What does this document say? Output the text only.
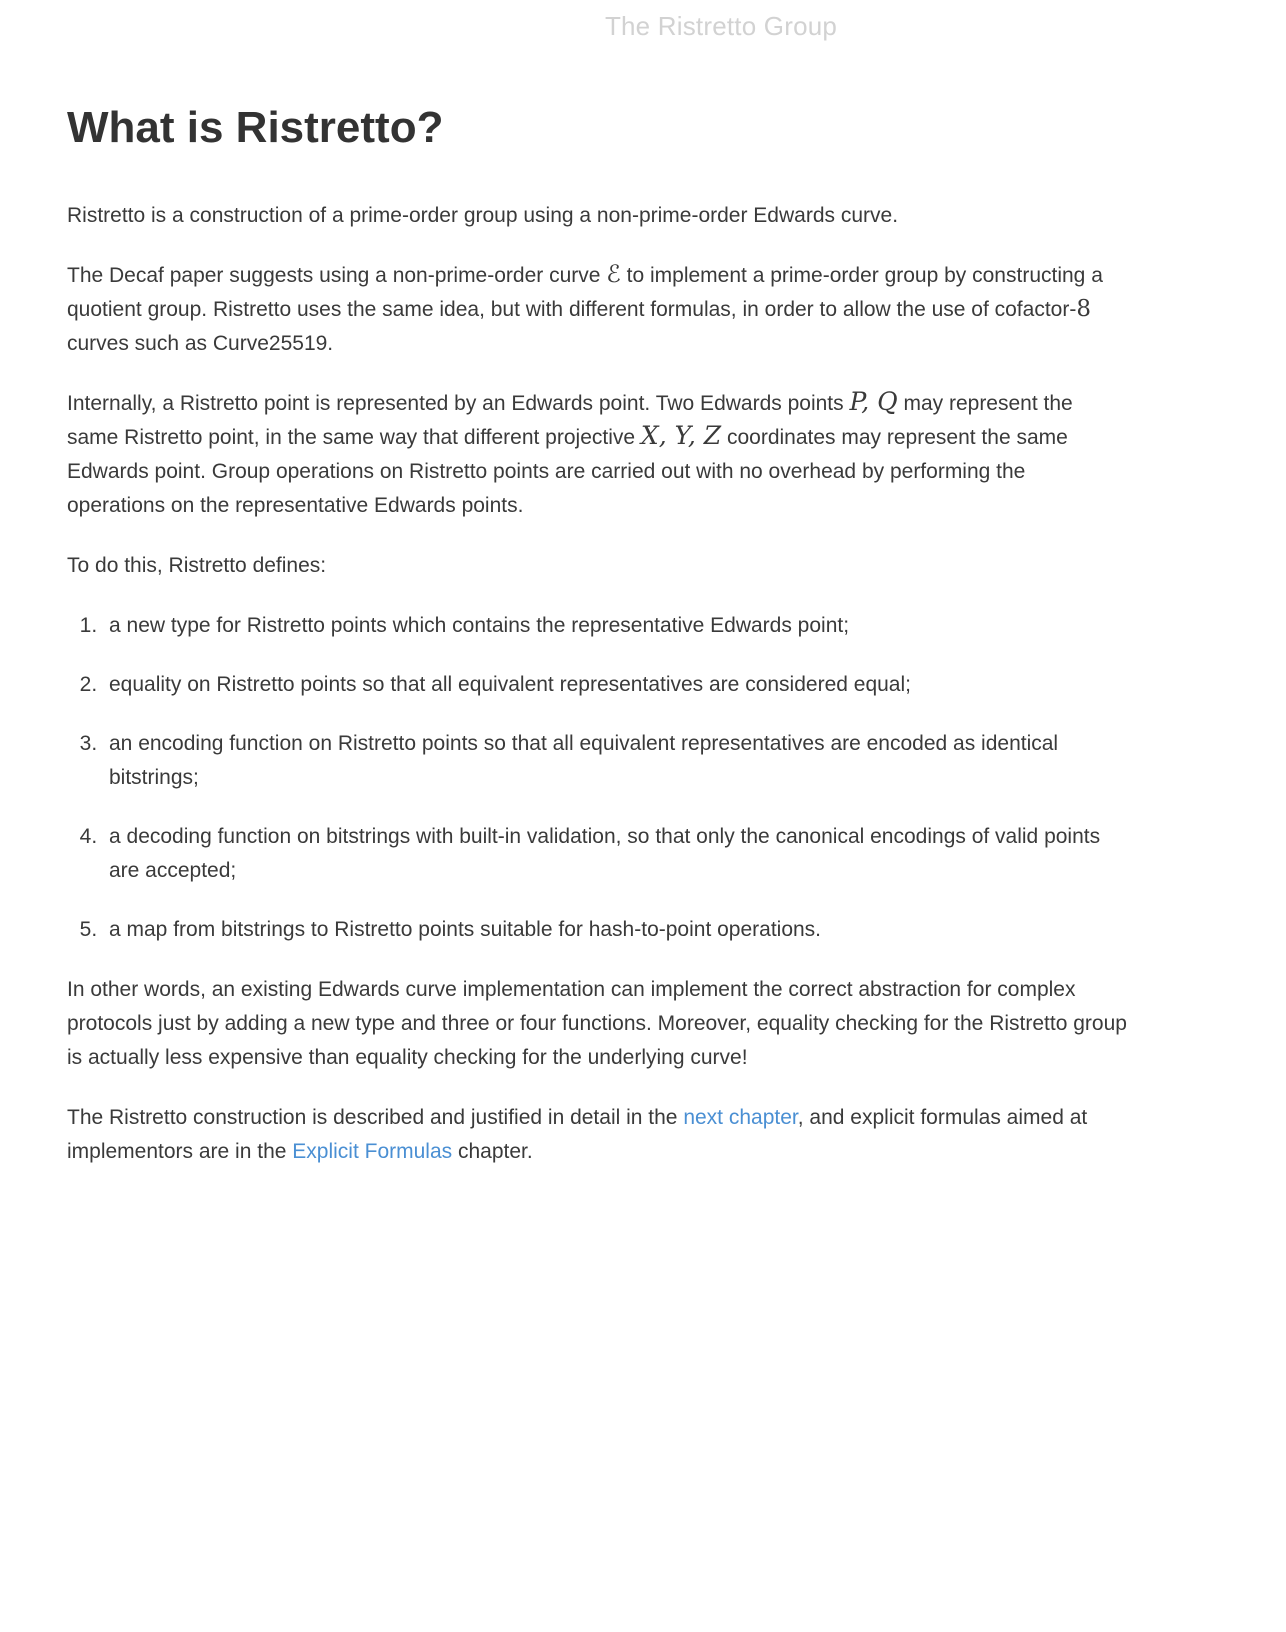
The Ristretto Group
What is Ristretto?

Ristretto is a construction of a prime-order group using a non-prime-order Edwards curve.

The Decaf paper suggests using a non-prime-order curve ℰ to implement a prime-order group by constructing a quotient group. Ristretto uses the same idea, but with different formulas, in order to allow the use of cofactor-8 curves such as Curve25519.

Internally, a Ristretto point is represented by an Edwards point. Two Edwards points P, Q may represent the same Ristretto point, in the same way that different projective X, Y, Z coordinates may represent the same Edwards point. Group operations on Ristretto points are carried out with no overhead by performing the operations on the representative Edwards points.

To do this, Ristretto defines:

1. a new type for Ristretto points which contains the representative Edwards point;
2. equality on Ristretto points so that all equivalent representatives are considered equal;
3. an encoding function on Ristretto points so that all equivalent representatives are encoded as identical bitstrings;
4. a decoding function on bitstrings with built-in validation, so that only the canonical encodings of valid points are accepted;
5. a map from bitstrings to Ristretto points suitable for hash-to-point operations.

In other words, an existing Edwards curve implementation can implement the correct abstraction for complex protocols just by adding a new type and three or four functions. Moreover, equality checking for the Ristretto group is actually less expensive than equality checking for the underlying curve!

The Ristretto construction is described and justified in detail in the next chapter, and explicit formulas aimed at implementors are in the Explicit Formulas chapter.
